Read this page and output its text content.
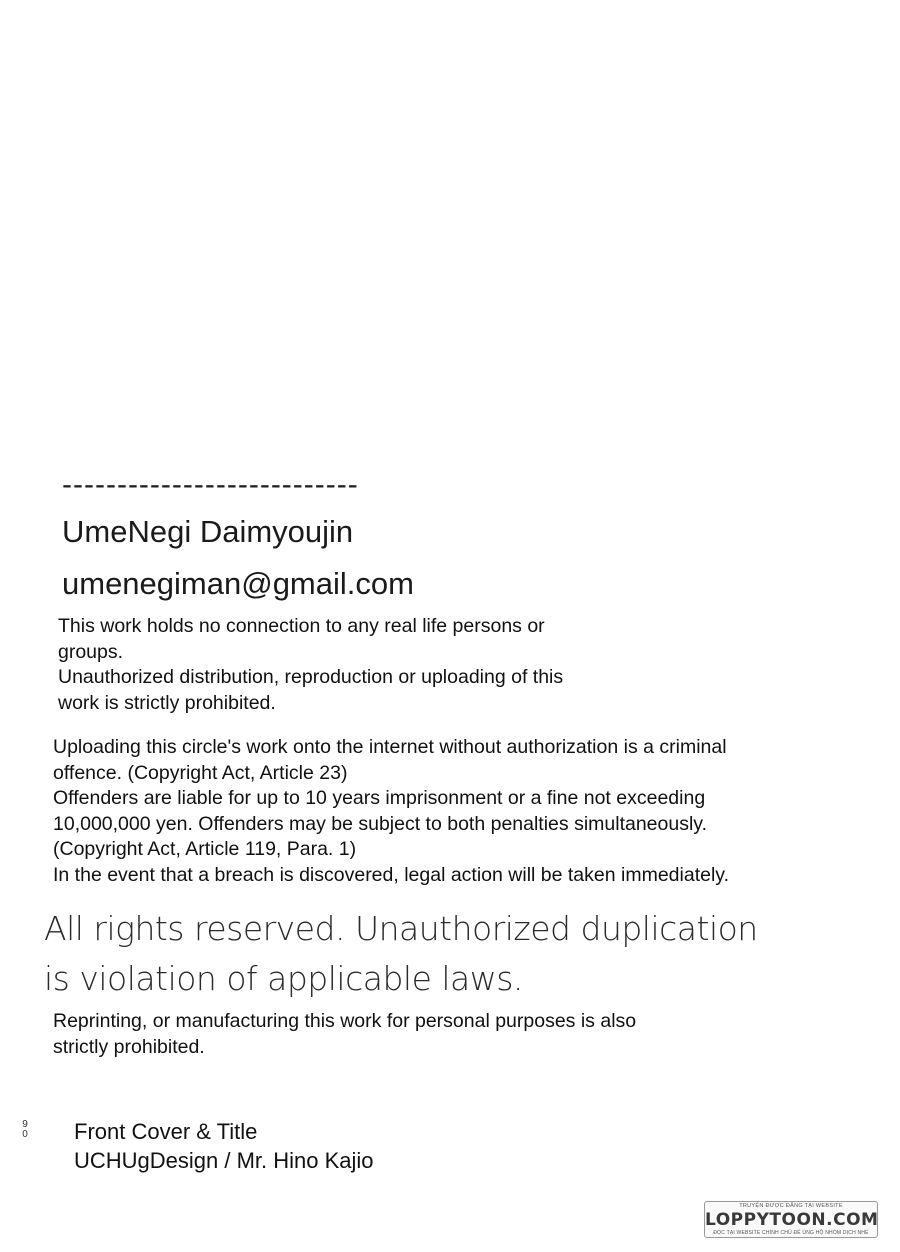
---------------------------
UmeNegi Daimyoujin
umenegiman@gmail.com
This work holds no connection to any real life persons or
groups.
Unauthorized distribution, reproduction or uploading of this
work is strictly prohibited.
Uploading this circle's work onto the internet without authorization is a criminal
offence. (Copyright Act, Article 23)
Offenders are liable for up to 10 years imprisonment or a fine not exceeding
10,000,000 yen. Offenders may be subject to both penalties simultaneously.
(Copyright Act, Article 119, Para. 1)
In the event that a breach is discovered, legal action will be taken immediately.
All rights reserved. Unauthorized duplication
is violation of applicable laws.
Reprinting, or manufacturing this work for personal purposes is also
strictly prohibited.
90 Front Cover & Title
UCHUgDesign / Mr. Hino Kajio
TRUYỆN ĐƯỢC ĐĂNG TẠI WEBSITE
LOPPYTOON.COM
ĐỌC TẠI WEBSITE CHÍNH CHỦ ĐỂ ỦNG HỘ NHÓM DỊCH NHÉ
